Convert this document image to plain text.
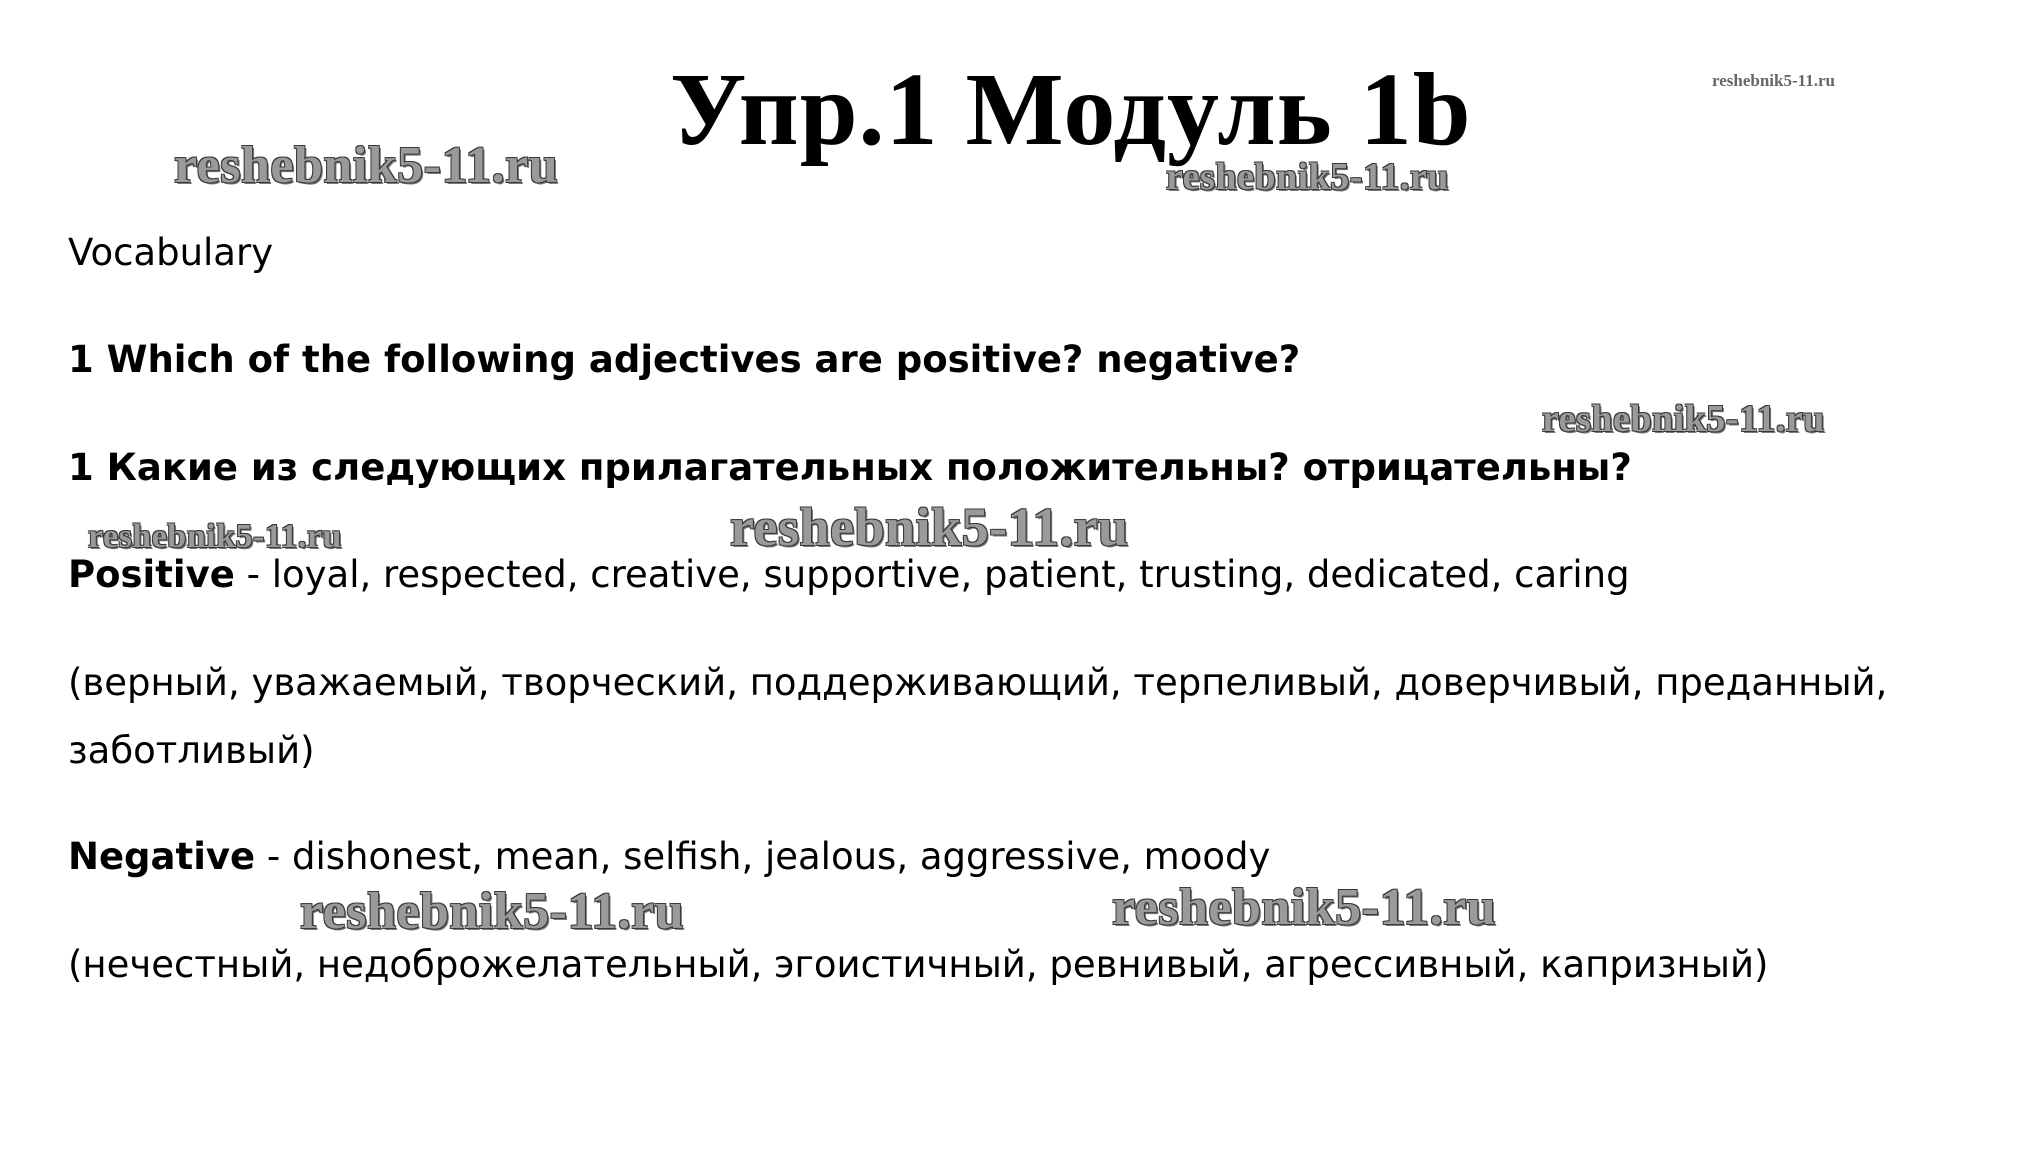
Упр.1 Модуль 1b	reshebnik5-11.ru
reshebnik5-11.ru	reshebnik5-11.ru
reshebnik5-11.ru
reshebnik5-11.ru	reshebnik5-11.ru
reshebnik5-11.ru	reshebnik5-11.ru
Vocabulary
1 Which of the following adjectives are positive? negative?
1 Какие из следующих прилагательных положительны? отрицательны?
Positive - loyal, respected, creative, supportive, patient, trusting, dedicated, caring
(верный, уважаемый, творческий, поддерживающий, терпеливый, доверчивый, преданный,
заботливый)
Negative - dishonest, mean, selfish, jealous, aggressive, moody
(нечестный, недоброжелательный, эгоистичный, ревнивый, агрессивный, капризный)
